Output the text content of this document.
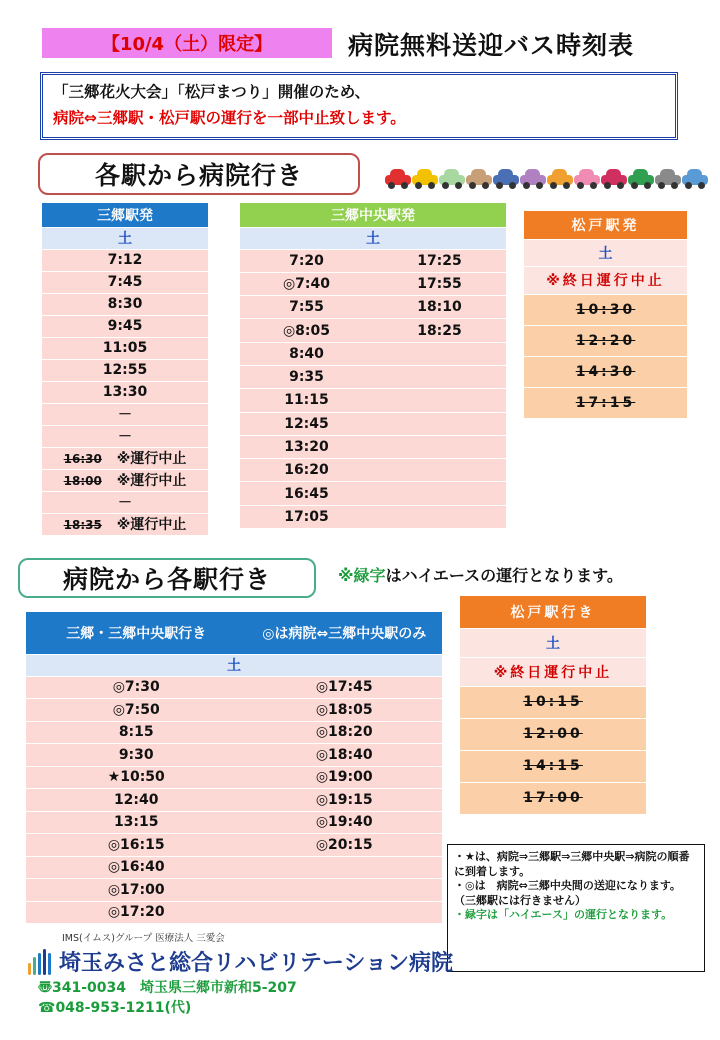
【10/4（土）限定】	病院無料送迎バス時刻表
「三郷花火大会」「松戸まつり」開催のため、
病院⇔三郷駅・松戸駅の運行を一部中止致します。
各駅から病院行き
三郷駅発
土
7:12
7:45
8:30
9:45
11:05
12:55
13:30
－
－
16:30 ※運行中止
18:00 ※運行中止
－
18:35 ※運行中止
三郷中央駅発	
土	
7:20	17:25
◎7:40	17:55
7:55	18:10
◎8:05	18:25
8:40	
9:35	
11:15	
12:45	
13:20	
16:20	
16:45	
17:05	
松戸駅発
土
※終日運行中止
10:30
12:20
14:30
17:15
病院から各駅行き	※緑字はハイエースの運行となります。
三郷・三郷中央駅行き	◎は病院⇔三郷中央駅のみ
土	
◎7:30	◎17:45
◎7:50	◎18:05
8:15	◎18:20
9:30	◎18:40
★10:50	◎19:00
12:40	◎19:15
13:15	◎19:40
◎16:15	◎20:15
◎16:40	
◎17:00	
◎17:20	
松戸駅行き
土
※終日運行中止
10:15
12:00
14:15
17:00
・★は、病院⇒三郷駅⇒三郷中央駅⇒病院の順番に到着します。
・◎は　病院⇔三郷中央間の送迎になります。
（三郷駅には行きません）
・緑字は「ハイエース」の運行となります。
IMS(イムス)グループ 医療法人 三愛会
埼玉みさと総合リハビリテーション病院
〠341-0034　埼玉県三郷市新和5-207
☎048-953-1211(代)
